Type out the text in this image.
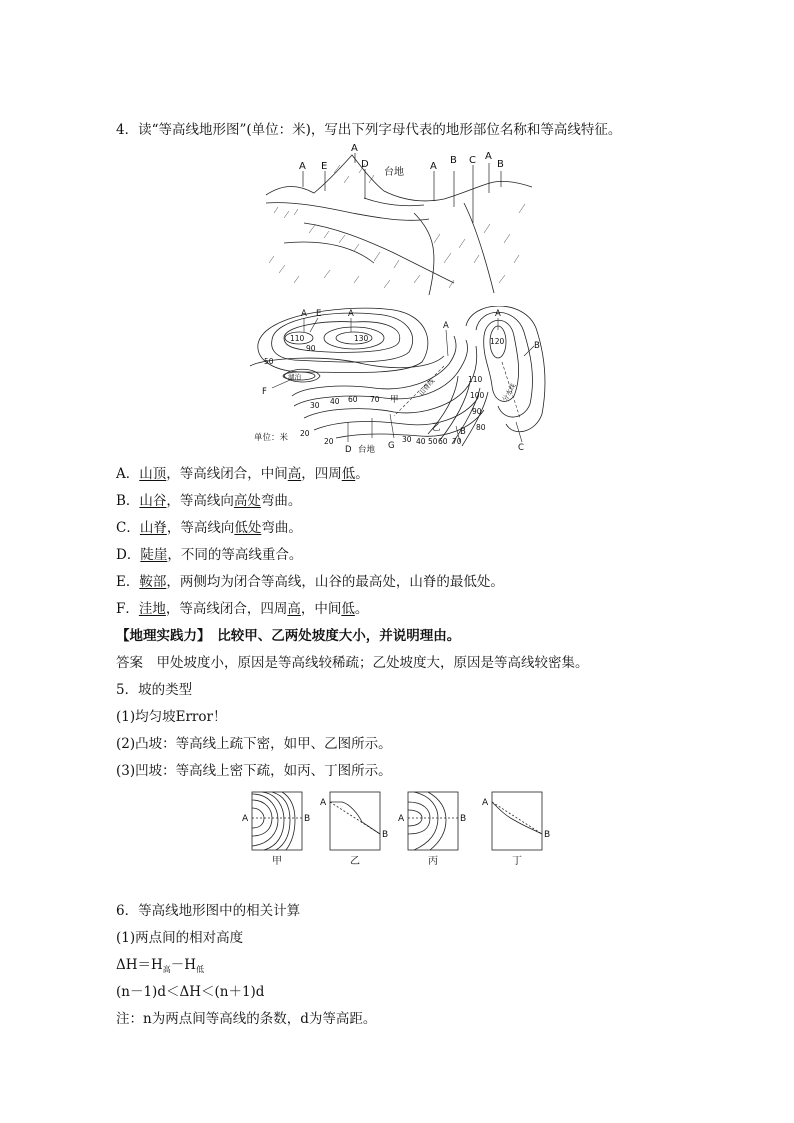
4．读“等高线地形图”(单位：米)，写出下列字母代表的地形部位名称和等高线特征。
A E
A
D
台地
A
B C A
B
A E	A
A
A
F
B
B
C
D	G
甲
乙
台地
单位：米
湖泊
山脊线	分水线
110
90
130	120
50
30 40 60 70
20
20
110
100
90
80
30 40 50 60 70
A．山顶，等高线闭合，中间高，四周低。
B．山谷，等高线向高处弯曲。
C．山脊，等高线向低处弯曲。
D．陡崖，不同的等高线重合。
E．鞍部，两侧均为闭合等高线，山谷的最高处，山脊的最低处。
F．洼地，等高线闭合，四周高，中间低。
【地理实践力】  比较甲、乙两处坡度大小，并说明理由。
答案  甲处坡度小，原因是等高线较稀疏；乙处坡度大，原因是等高线较密集。
5．坡的类型
(1)均匀坡Error！
(2)凸坡：等高线上疏下密，如甲、乙图所示。
(3)凹坡：等高线上密下疏，如丙、丁图所示。
A	B
A
B
A	B
A
B
甲	乙	丙	丁
6．等高线地形图中的相关计算
(1)两点间的相对高度
$\Delta H=H_高-H_低$
(n－1)d＜ΔH＜(n＋1)d
注：n为两点间等高线的条数，d为等高距。
